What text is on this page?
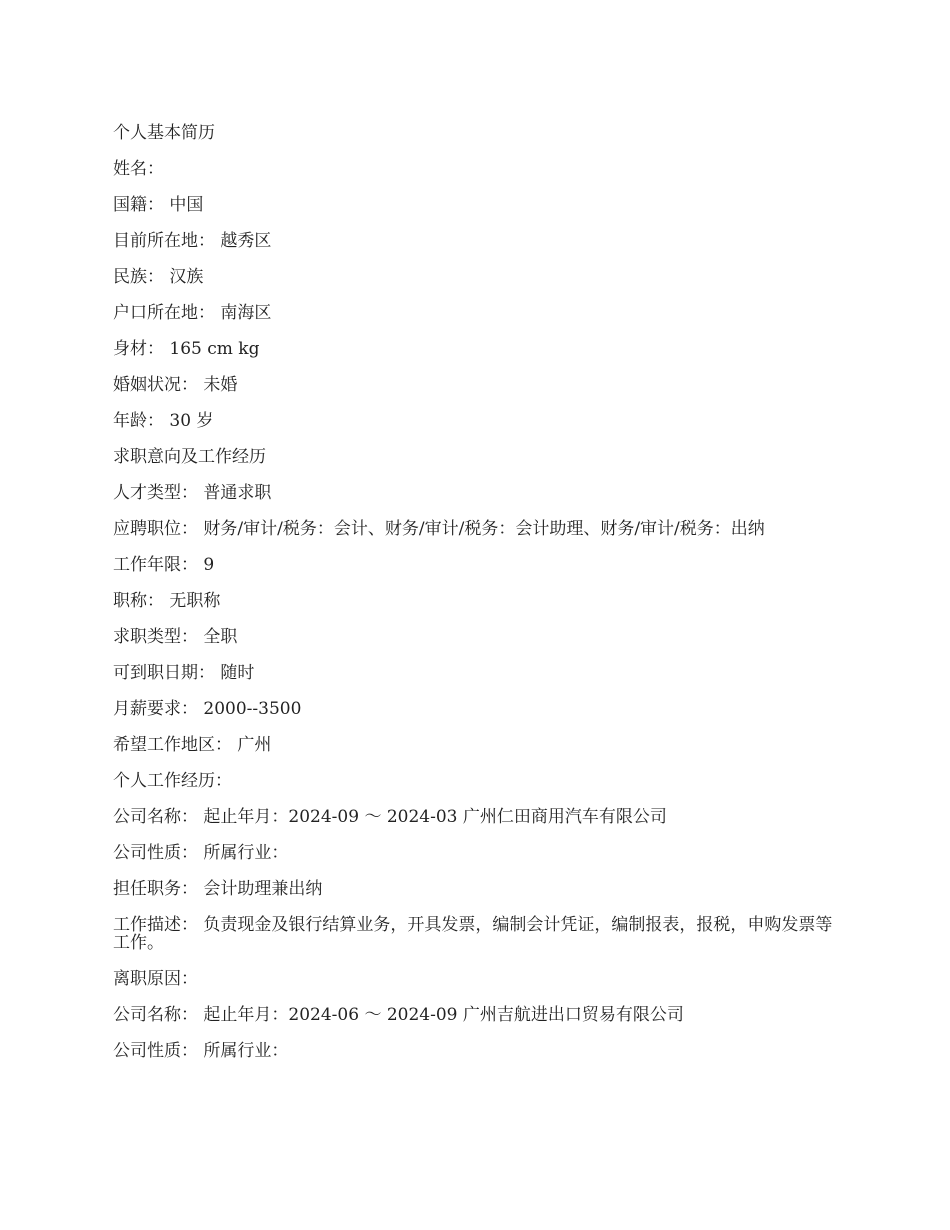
个人基本简历
姓名：
国籍： 中国
目前所在地： 越秀区
民族： 汉族
户口所在地： 南海区
身材： 165 cm kg
婚姻状况： 未婚
年龄： 30 岁
求职意向及工作经历
人才类型： 普通求职
应聘职位： 财务/审计/税务：会计、财务/审计/税务：会计助理、财务/审计/税务：出纳
工作年限： 9
职称： 无职称
求职类型： 全职
可到职日期： 随时
月薪要求： 2000--3500
希望工作地区： 广州
个人工作经历：
公司名称： 起止年月：2024-09 ～ 2024-03 广州仁田商用汽车有限公司
公司性质： 所属行业：
担任职务： 会计助理兼出纳
工作描述： 负责现金及银行结算业务，开具发票，编制会计凭证，编制报表，报税，申购发票等工作。
离职原因：
公司名称： 起止年月：2024-06 ～ 2024-09 广州吉航进出口贸易有限公司
公司性质： 所属行业：
